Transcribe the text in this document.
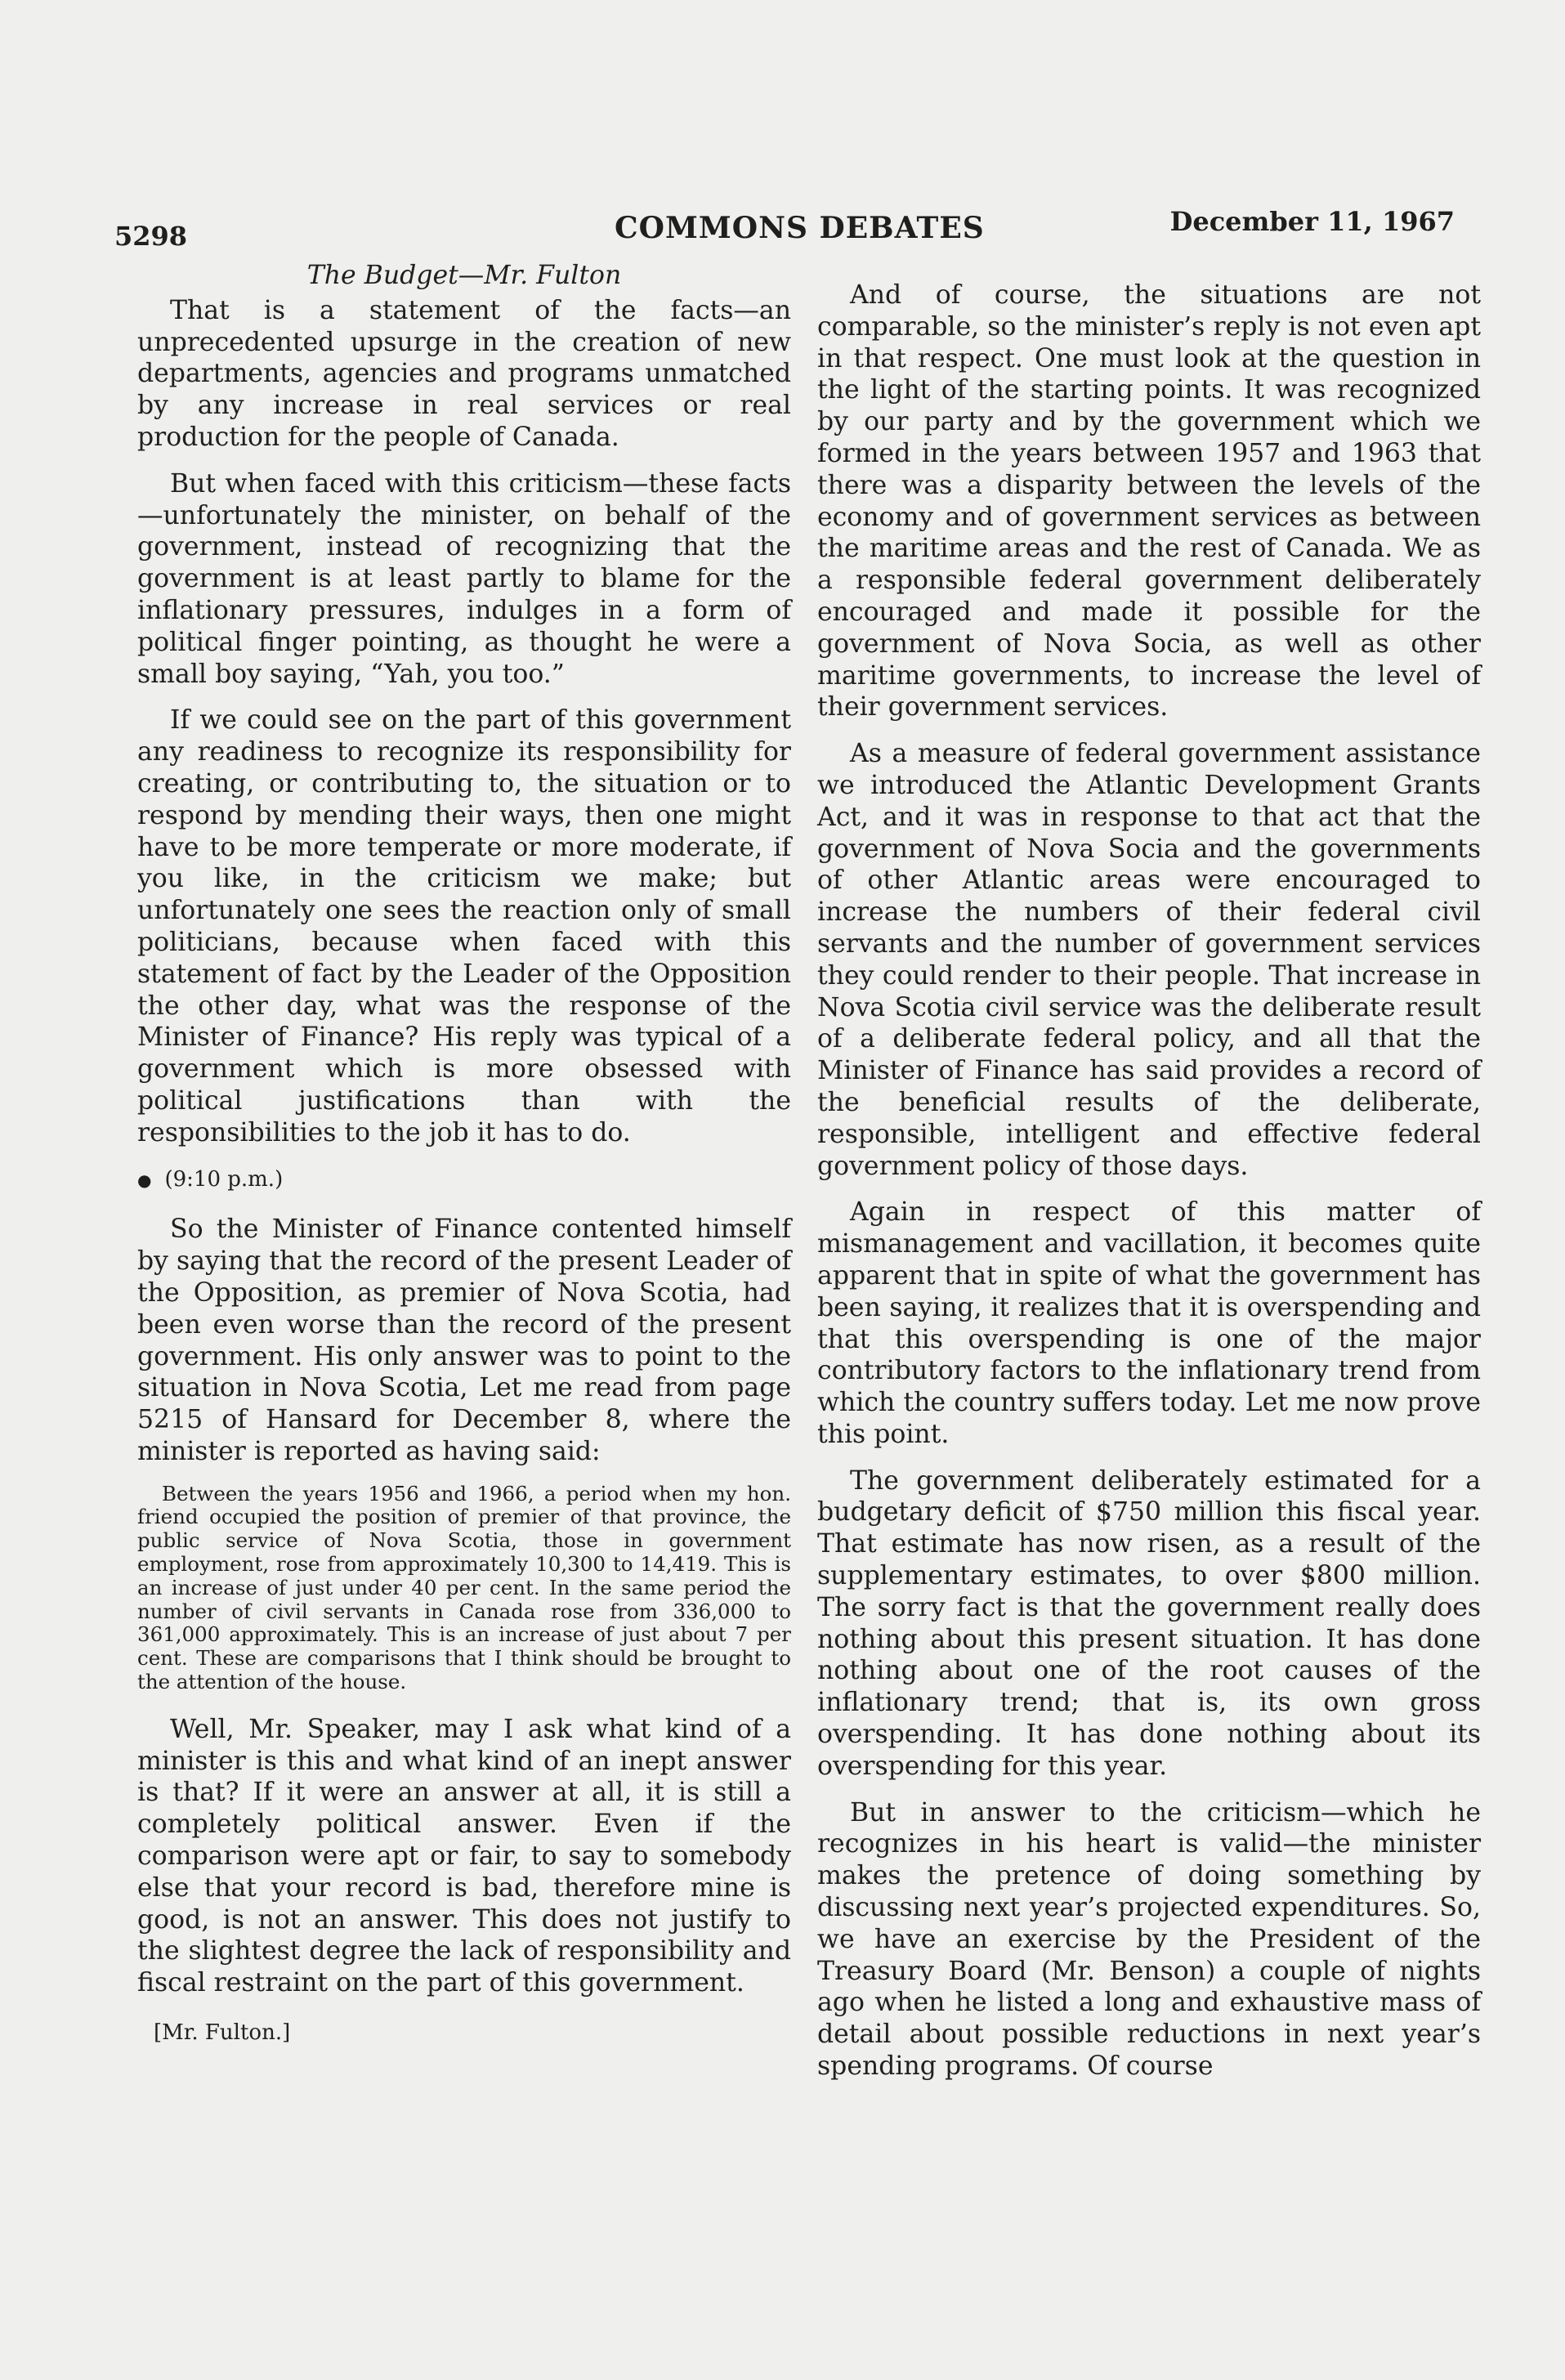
5298	COMMONS DEBATES	December 11, 1967

The Budget—Mr. Fulton

That is a statement of the facts—an unprecedented upsurge in the creation of new departments, agencies and programs unmatched by any increase in real services or real production for the people of Canada.

But when faced with this criticism—these facts—unfortunately the minister, on behalf of the government, instead of recognizing that the government is at least partly to blame for the inflationary pressures, indulges in a form of political finger pointing, as thought he were a small boy saying, “Yah, you too.”

If we could see on the part of this government any readiness to recognize its responsibility for creating, or contributing to, the situation or to respond by mending their ways, then one might have to be more temperate or more moderate, if you like, in the criticism we make; but unfortunately one sees the reaction only of small politicians, because when faced with this statement of fact by the Leader of the Opposition the other day, what was the response of the Minister of Finance? His reply was typical of a government which is more obsessed with political justifications than with the responsibilities to the job it has to do.

● (9:10 p.m.)

So the Minister of Finance contented himself by saying that the record of the present Leader of the Opposition, as premier of Nova Scotia, had been even worse than the record of the present government. His only answer was to point to the situation in Nova Scotia, Let me read from page 5215 of Hansard for December 8, where the minister is reported as having said:

Between the years 1956 and 1966, a period when my hon. friend occupied the position of premier of that province, the public service of Nova Scotia, those in government employment, rose from approximately 10,300 to 14,419. This is an increase of just under 40 per cent. In the same period the number of civil servants in Canada rose from 336,000 to 361,000 approximately. This is an increase of just about 7 per cent. These are comparisons that I think should be brought to the attention of the house.

Well, Mr. Speaker, may I ask what kind of a minister is this and what kind of an inept answer is that? If it were an answer at all, it is still a completely political answer. Even if the comparison were apt or fair, to say to somebody else that your record is bad, therefore mine is good, is not an answer. This does not justify to the slightest degree the lack of responsibility and fiscal restraint on the part of this government.

[Mr. Fulton.]

And of course, the situations are not comparable, so the minister’s reply is not even apt in that respect. One must look at the question in the light of the starting points. It was recognized by our party and by the government which we formed in the years between 1957 and 1963 that there was a disparity between the levels of the economy and of government services as between the maritime areas and the rest of Canada. We as a responsible federal government deliberately encouraged and made it possible for the government of Nova Socia, as well as other maritime governments, to increase the level of their government services.

As a measure of federal government assistance we introduced the Atlantic Development Grants Act, and it was in response to that act that the government of Nova Socia and the governments of other Atlantic areas were encouraged to increase the numbers of their federal civil servants and the number of government services they could render to their people. That increase in Nova Scotia civil service was the deliberate result of a deliberate federal policy, and all that the Minister of Finance has said provides a record of the beneficial results of the deliberate, responsible, intelligent and effective federal government policy of those days.

Again in respect of this matter of mismanagement and vacillation, it becomes quite apparent that in spite of what the government has been saying, it realizes that it is overspending and that this overspending is one of the major contributory factors to the inflationary trend from which the country suffers today. Let me now prove this point.

The government deliberately estimated for a budgetary deficit of $750 million this fiscal year. That estimate has now risen, as a result of the supplementary estimates, to over $800 million. The sorry fact is that the government really does nothing about this present situation. It has done nothing about one of the root causes of the inflationary trend; that is, its own gross overspending. It has done nothing about its overspending for this year.

But in answer to the criticism—which he recognizes in his heart is valid—the minister makes the pretence of doing something by discussing next year’s projected expenditures. So, we have an exercise by the President of the Treasury Board (Mr. Benson) a couple of nights ago when he listed a long and exhaustive mass of detail about possible reductions in next year’s spending programs. Of course
